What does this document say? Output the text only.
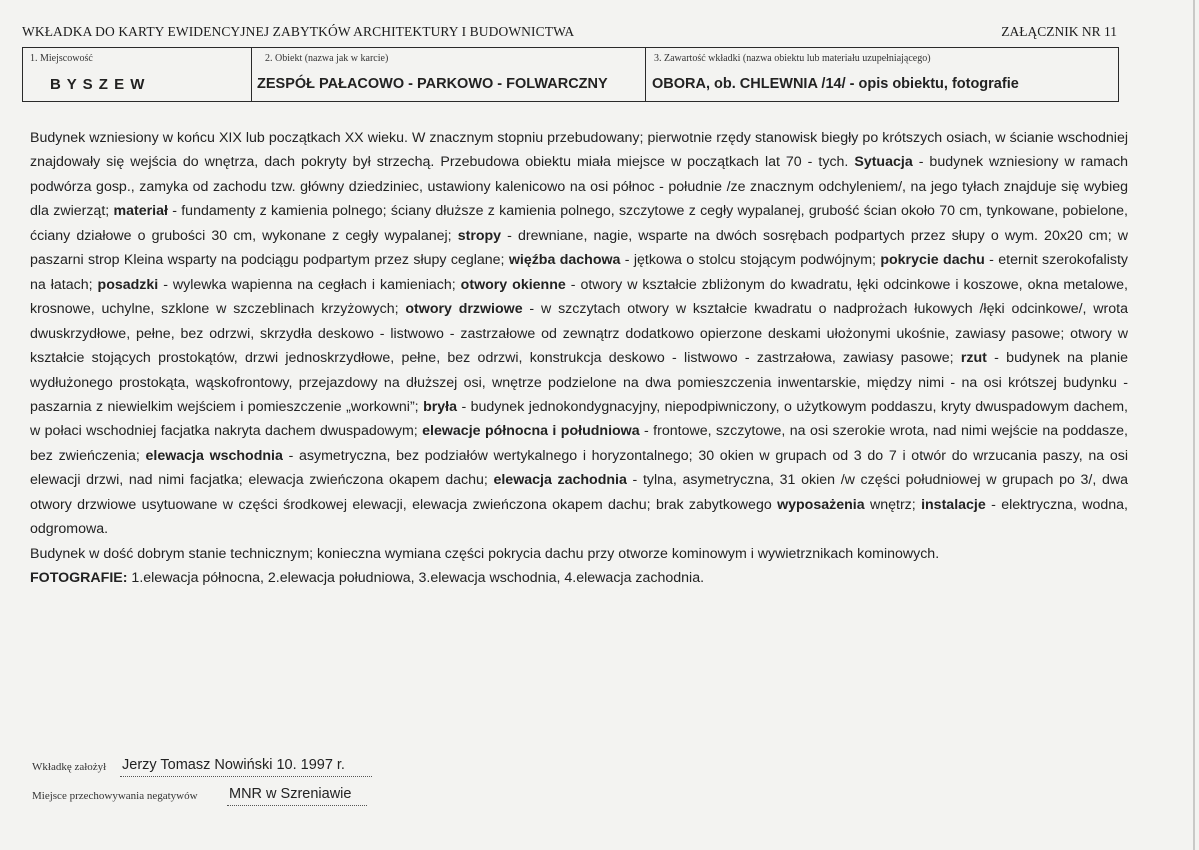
WKŁADKA DO KARTY EWIDENCYJNEJ ZABYTKÓW ARCHITEKTURY I BUDOWNICTWA	ZAŁĄCZNIK NR 11
1. Miejscowość
B Y S Z E W
2. Obiekt (nazwa jak w karcie)
ZESPÓŁ PAŁACOWO - PARKOWO - FOLWARCZNY
3. Zawartość wkładki (nazwa obiektu lub materiału uzupełniającego)
OBORA, ob. CHLEWNIA /14/ - opis obiektu, fotografie

Budynek wzniesiony w końcu XIX lub początkach XX wieku. W znacznym stopniu przebudowany; pierwotnie rzędy stanowisk biegły po krótszych osiach, w ścianie wschodniej znajdowały się wejścia do wnętrza, dach pokryty był strzechą. Przebudowa obiektu miała miejsce w początkach lat 70 - tych. Sytuacja - budynek wzniesiony w ramach podwórza gosp., zamyka od zachodu tzw. główny dziedziniec, ustawiony kalenicowo na osi północ - południe /ze znacznym odchyleniem/, na jego tyłach znajduje się wybieg dla zwierząt; materiał - fundamenty z kamienia polnego; ściany dłuższe z kamienia polnego, szczytowe z cegły wypalanej, grubość ścian około 70 cm, tynkowane, pobielone, ćciany działowe o grubości 30 cm, wykonane z cegły wypalanej; stropy - drewniane, nagie, wsparte na dwóch sosrębach podpartych przez słupy o wym. 20x20 cm; w paszarni strop Kleina wsparty na podciągu podpartym przez słupy ceglane; więźba dachowa - jętkowa o stolcu stojącym podwójnym; pokrycie dachu - eternit szerokofalisty na łatach; posadzki - wylewka wapienna na cegłach i kamieniach; otwory okienne - otwory w kształcie zbliżonym do kwadratu, łęki odcinkowe i koszowe, okna metalowe, krosnowe, uchylne, szklone w szczeblinach krzyżowych; otwory drzwiowe - w szczytach otwory w kształcie kwadratu o nadprożach łukowych /łęki odcinkowe/, wrota dwuskrzydłowe, pełne, bez odrzwi, skrzydła deskowo - listwowo - zastrzałowe od zewnątrz dodatkowo opierzone deskami ułożonymi ukośnie, zawiasy pasowe; otwory w kształcie stojących prostokątów, drzwi jednoskrzydłowe, pełne, bez odrzwi, konstrukcja deskowo - listwowo - zastrzałowa, zawiasy pasowe; rzut - budynek na planie wydłużonego prostokąta, wąskofrontowy, przejazdowy na dłuższej osi, wnętrze podzielone na dwa pomieszczenia inwentarskie, między nimi - na osi krótszej budynku - paszarnia z niewielkim wejściem i pomieszczenie „workowni”; bryła - budynek jednokondygnacyjny, niepodpiwniczony, o użytkowym poddaszu, kryty dwuspadowym dachem, w połaci wschodniej facjatka nakryta dachem dwuspadowym; elewacje północna i południowa - frontowe, szczytowe, na osi szerokie wrota, nad nimi wejście na poddasze, bez zwieńczenia; elewacja wschodnia - asymetryczna, bez podziałów wertykalnego i horyzontalnego; 30 okien w grupach od 3 do 7 i otwór do wrzucania paszy, na osi elewacji drzwi, nad nimi facjatka; elewacja zwieńczona okapem dachu; elewacja zachodnia - tylna, asymetryczna, 31 okien /w części południowej w grupach po 3/, dwa otwory drzwiowe usytuowane w części środkowej elewacji, elewacja zwieńczona okapem dachu; brak zabytkowego wyposażenia wnętrz; instalacje - elektryczna, wodna, odgromowa.

Budynek w dość dobrym stanie technicznym; konieczna wymiana części pokrycia dachu przy otworze kominowym i wywietrznikach kominowych.

FOTOGRAFIE: 1.elewacja północna, 2.elewacja południowa, 3.elewacja wschodnia, 4.elewacja zachodnia.

Wkładkę założył Jerzy Tomasz Nowiński 10. 1997 r.
Miejsce przechowywania negatywów MNR w Szreniawie
